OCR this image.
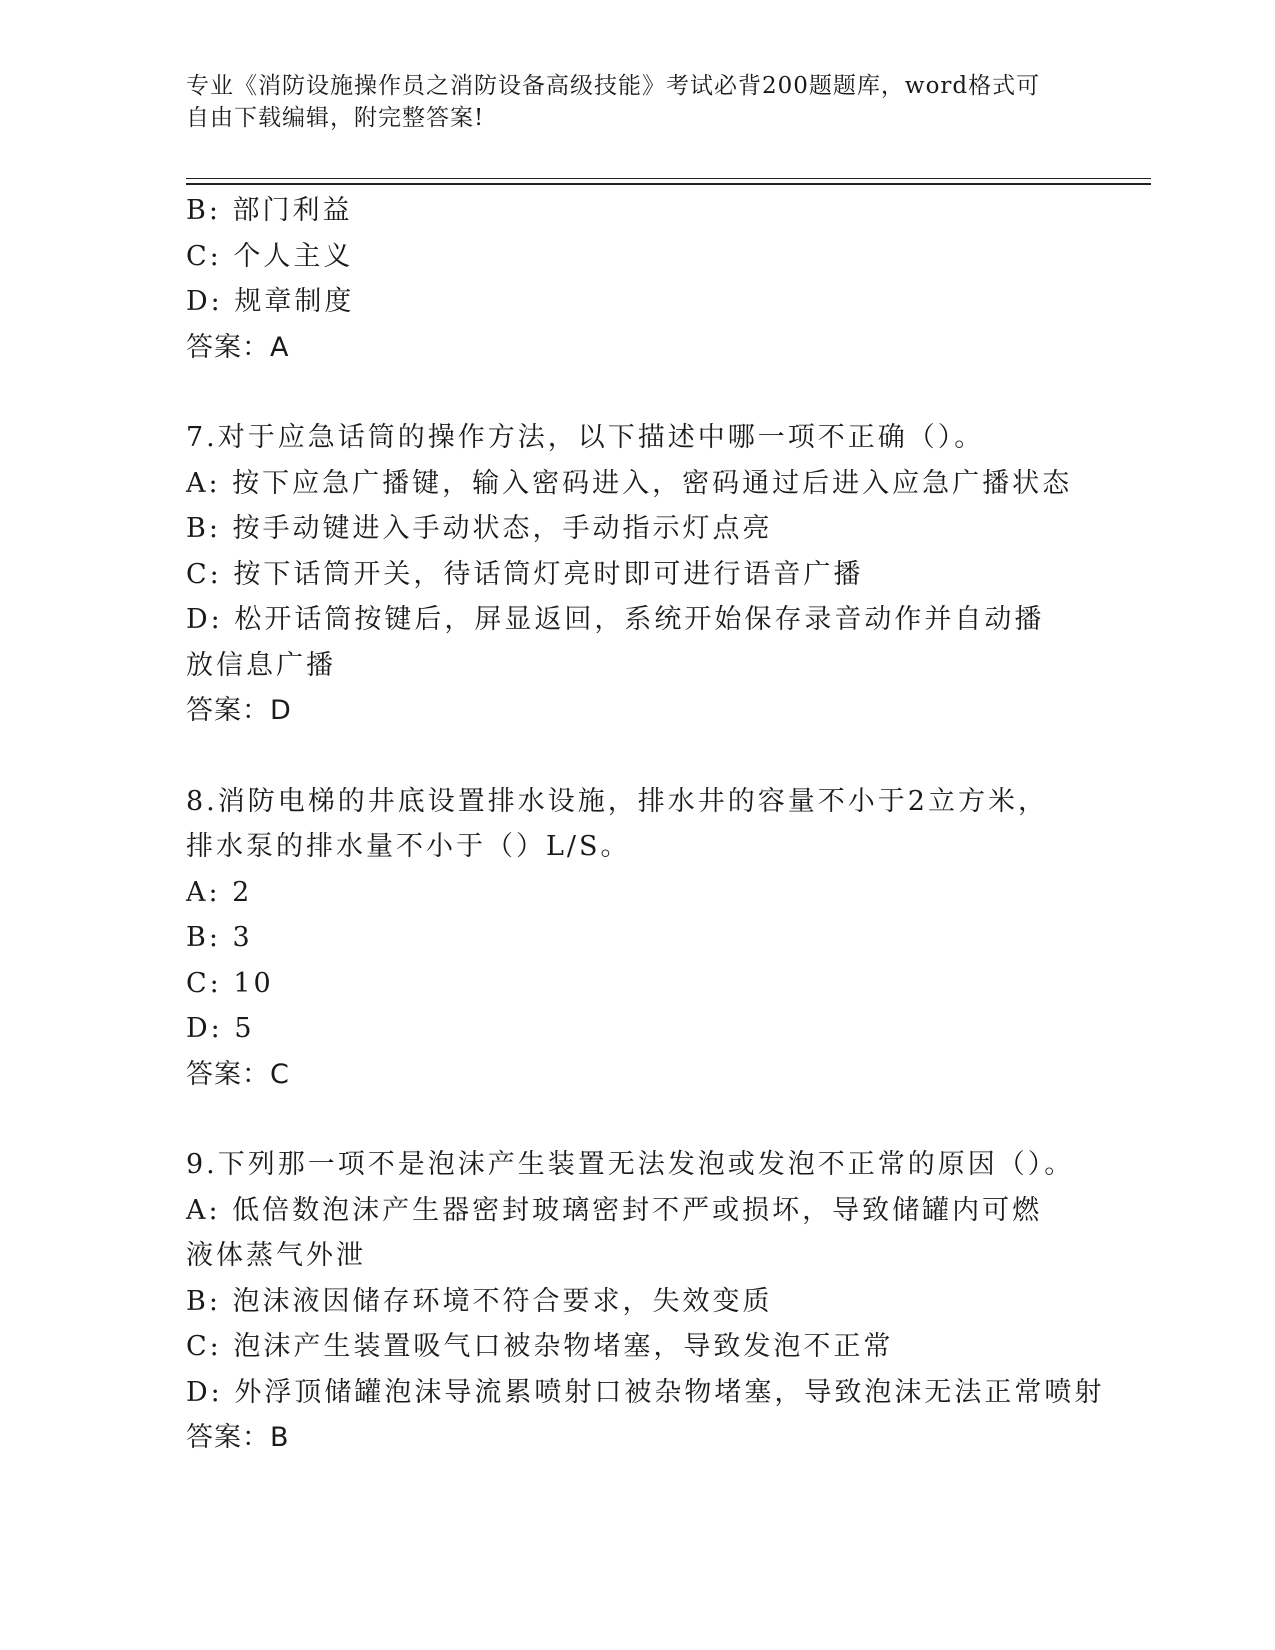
专业《消防设施操作员之消防设备高级技能》考试必背200题题库，word格式可
自由下载编辑，附完整答案!
B: 部门利益
C: 个人主义
D: 规章制度
答案：A
7.对于应急话筒的操作方法，以下描述中哪一项不正确（）。
A: 按下应急广播键，输入密码进入，密码通过后进入应急广播状态
B: 按手动键进入手动状态，手动指示灯点亮
C: 按下话筒开关，待话筒灯亮时即可进行语音广播
D: 松开话筒按键后，屏显返回，系统开始保存录音动作并自动播放信息广播
答案：D
8.消防电梯的井底设置排水设施，排水井的容量不小于2立方米，排水泵的排水量不小于（）L/S。
A: 2
B: 3
C: 10
D: 5
答案：C
9.下列那一项不是泡沫产生装置无法发泡或发泡不正常的原因（）。
A: 低倍数泡沫产生器密封玻璃密封不严或损坏，导致储罐内可燃液体蒸气外泄
B: 泡沫液因储存环境不符合要求，失效变质
C: 泡沫产生装置吸气口被杂物堵塞，导致发泡不正常
D: 外浮顶储罐泡沫导流累喷射口被杂物堵塞，导致泡沫无法正常喷射
答案：B
